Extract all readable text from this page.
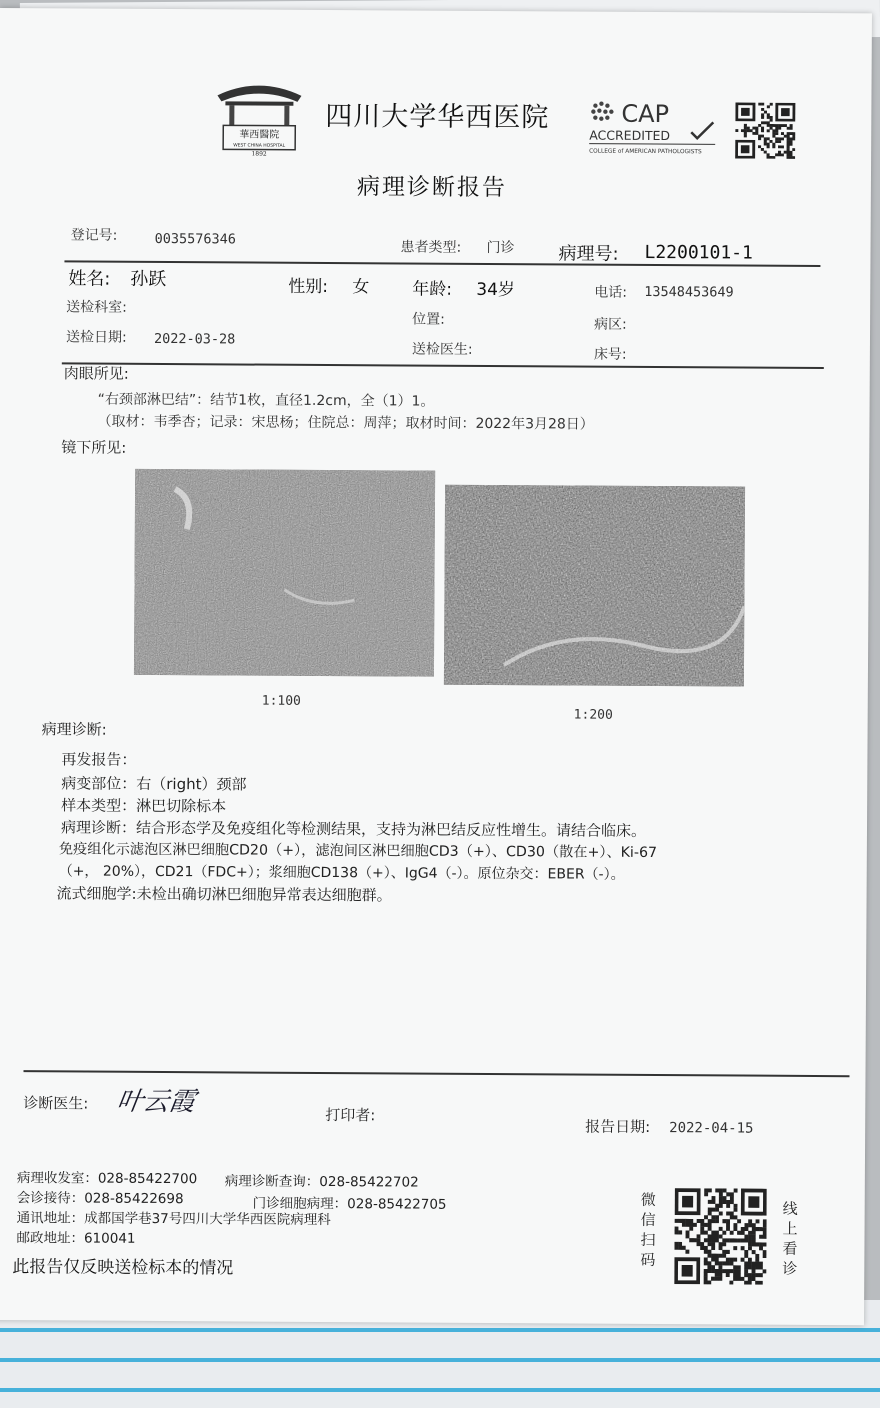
華西醫院
WEST CHINA HOSPITAL
1892
四川大学华西医院	CAP
ACCREDITED
COLLEGE of AMERICAN PATHOLOGISTS
病理诊断报告
登记号:	0035576346
患者类型: 门诊 病理号: L2200101-1
姓名: 孙跃	性别: 女	年龄: 34岁	电话: 13548453649
送检科室:
位置:	病区:
送检日期: 2022-03-28
送检医生:	床号:
肉眼所见:
“右颈部淋巴结”：结节1枚，直径1.2cm，全（1）1。
（取材：韦季杏；记录：宋思杨；住院总：周萍；取材时间：2022年3月28日）
镜下所见:
1:100
1:200
病理诊断:
再发报告：
病变部位：右（right）颈部
样本类型：淋巴切除标本
病理诊断：结合形态学及免疫组化等检测结果，支持为淋巴结反应性增生。请结合临床。
免疫组化示滤泡区淋巴细胞CD20（+），滤泡间区淋巴细胞CD3（+）、CD30（散在+）、Ki-67
（+， 20%），CD21（FDC+）；浆细胞CD138（+）、IgG4（-）。原位杂交：EBER（-）。
流式细胞学:未检出确切淋巴细胞异常表达细胞群。
诊断医生: 叶云霞	打印者:
报告日期: 2022-04-15
病理收发室：028-85422700 病理诊断查询：028-85422702
会诊接待：028-85422698	门诊细胞病理：028-85422705
通讯地址：成都国学巷37号四川大学华西医院病理科
邮政地址：610041
此报告仅反映送检标本的情况
微
信
扫
码
线
上
看
诊
